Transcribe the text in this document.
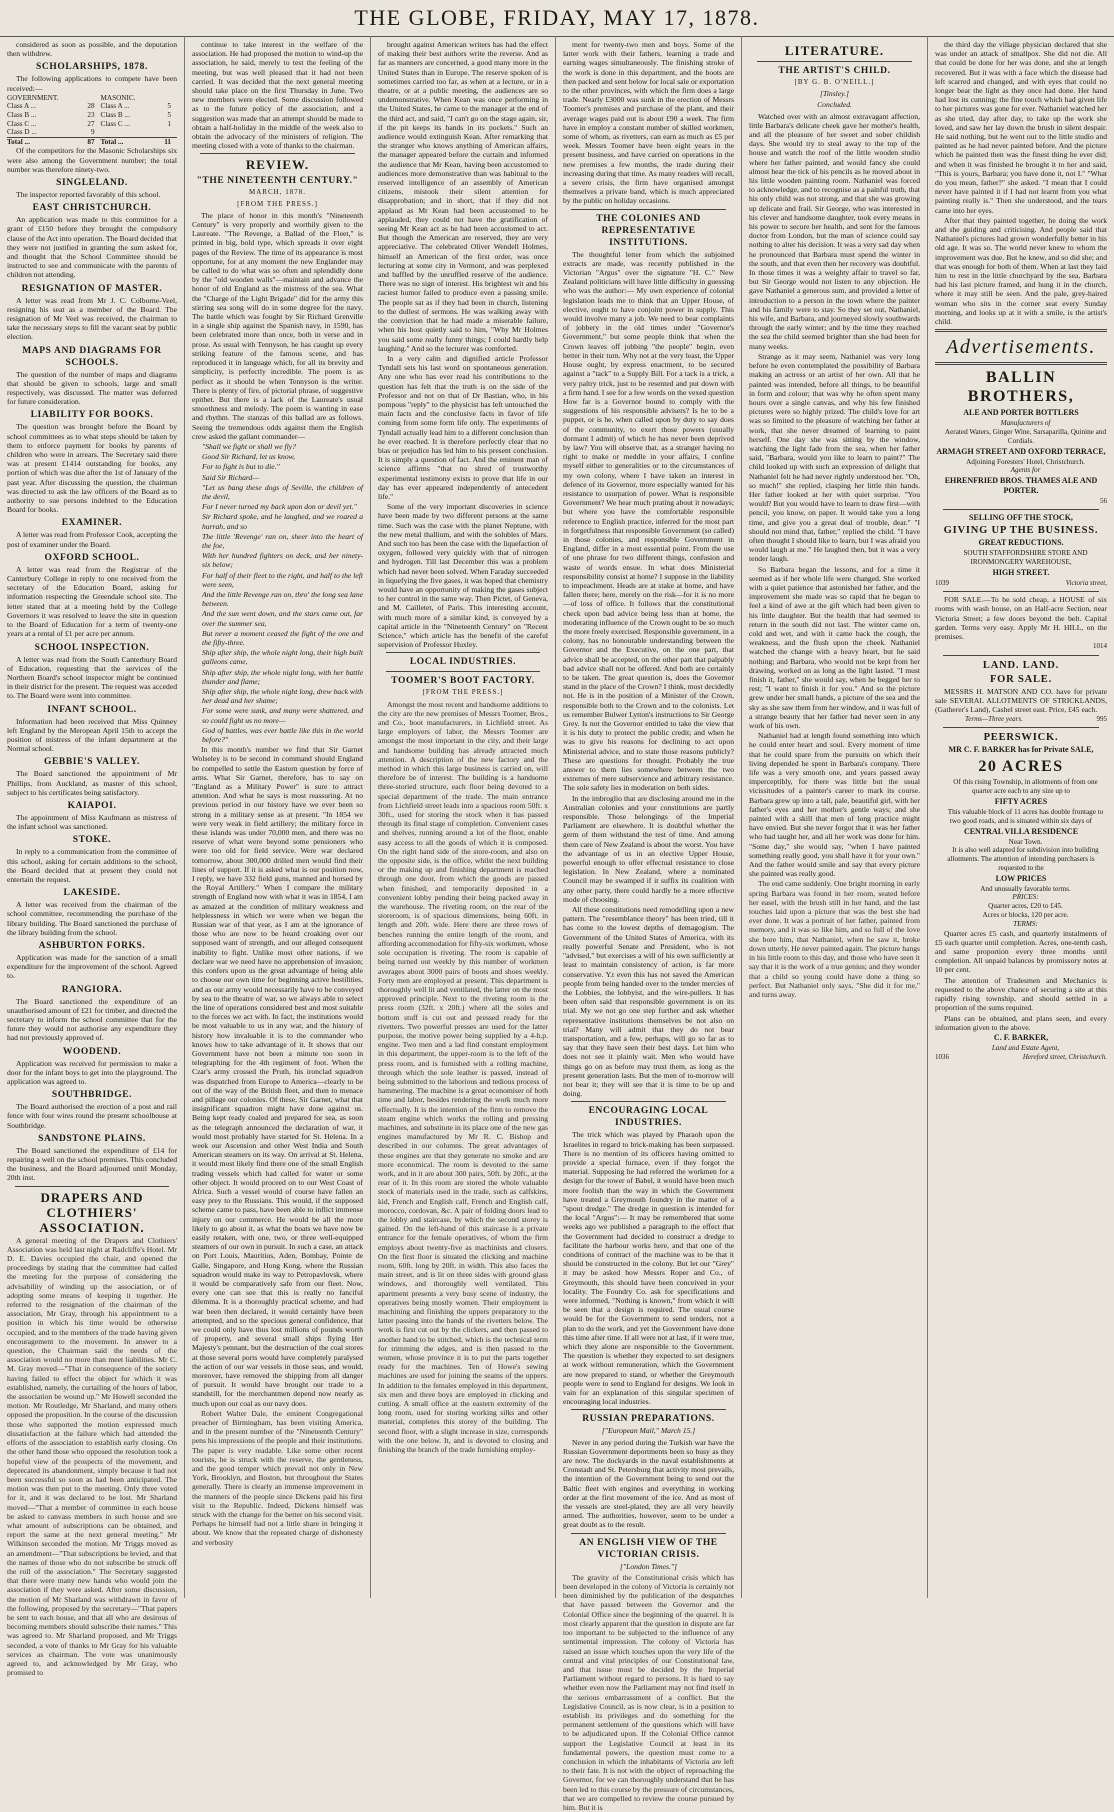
THE GLOBE, FRIDAY, MAY 17, 1878.

considered as soon as possible, and the deputation then withdrew.

SCHOLARSHIPS, 1878.

The following applications to compete have been received:—

GOVERNMENT.		MASONIC.	
Class A ...	28	Class A ...	5
Class B ...	23	Class B ...	5
Class C ...	27	Class C ...	1
Class D ...	9		
Total ...	87	Total ...	11

Of the competitors for the Masonic Scholarships six were also among the Government number; the total number was therefore ninety-two.

SINGLELAND.

The inspector reported favorably of this school.

EAST CHRISTCHURCH.

An application was made to this committee for a grant of £150 before they brought the compulsory clause of the Act into operation. The Board decided that they were not justified in granting the sum asked for, and thought that the School Committee should be instructed to see and communicate with the parents of children not attending.

RESIGNATION OF MASTER.

A letter was read from Mr J. C. Colborne-Veel, resigning his seat as a member of the Board. The resignation of Mr Veel was received, the chairman to take the necessary steps to fill the vacant seat by public election.

MAPS AND DIAGRAMS FOR SCHOOLS.

The question of the number of maps and diagrams that should be given to schools, large and small respectively, was discussed. The matter was deferred for future consideration.

LIABILITY FOR BOOKS.

The question was brought before the Board by school committees as to what steps should be taken by them to enforce payment for books by parents of children who were in arrears. The Secretary said there was at present £1414 outstanding for books, any portion of which was due after the 1st of January of the past year. After discussing the question, the chairman was directed to ask the law officers of the Board as to authority to sue persons indebted to the Education Board for books.

EXAMINER.

A letter was read from Professor Cook, accepting the post of examiner under the Board.

OXFORD SCHOOL.

A letter was read from the Registrar of the Canterbury College in reply to one received from the secretary of the Education Board, asking for information respecting the Greendale school site. The letter stated that at a meeting held by the College Governors it was resolved to leave the site in question to the Board of Education for a term of twenty-one years at a rental of £1 per acre per annum.

SCHOOL INSPECTION.

A letter was read from the South Canterbury Board of Education, requesting that the services of the Northern Board's school inspector might be continued in their district for the present. The request was acceded to. The Board were went into committee.

INFANT SCHOOL.

Information had been received that Miss Quinney left England by the Meropean April 15th to accept the position of mistress of the infant department at the Normal school.

GEBBIE'S VALLEY.

The Board sanctioned the appointment of Mr Phillips, from Auckland, as master of this school, subject to his certificates being satisfactory.

KAIAPOI.

The appointment of Miss Kaufmann as mistress of the infant school was sanctioned.

STOKE.

In reply to a communication from the committee of this school, asking for certain additions to the school, the Board decided that at present they could not entertain the request.

LAKESIDE.

A letter was received from the chairman of the school committee, recommending the purchase of the library building. The Board sanctioned the purchase of the library building from the school.

ASHBURTON FORKS.

Application was made for the sanction of a small expenditure for the improvement of the school. Agreed to.

RANGIORA.

The Board sanctioned the expenditure of an unauthorised amount of £21 for timber, and directed the secretary to inform the school committee that for the future they would not authorise any expenditure they had not previously approved of.

WOODEND.

Application was received for permission to make a door for the infant boys to get into the playground. The application was agreed to.

SOUTHBRIDGE.

The Board authorised the erection of a post and rail fence with four wires round the present schoolhouse at Southbridge.

SANDSTONE PLAINS.

The Board sanctioned the expenditure of £14 for repairing a well on the school premises. This concluded the business, and the Board adjourned until Monday, 20th inst.

DRAPERS AND CLOTHIERS' ASSOCIATION.

A general meeting of the Drapers and Clothiers' Association was held last night at Radcliffe's Hotel. Mr D. E. Davies occupied the chair, and opened the proceedings by stating that the committee had called the meeting for the purpose of considering the advisability of winding up the association, or of adopting some means of keeping it together. He referred to the resignation of the chairman of the association, Mr Gray, through his appointment to a position in which his time would be otherwise occupied, and to the members of the trade having given encouragement to the movement. In answer to a question, the Chairman said the needs of the association would no more than meet liabilities. Mr C. M. Gray moved—"That in consequence of the society having failed to effect the object for which it was established, namely, the curtailing of the hours of labor, the association be wound up." Mr Howell seconded the motion. Mr Routledge, Mr Sharland, and many others opposed the proposition. In the course of the discussion those who supported the motion expressed much dissatisfaction at the failure which had attended the efforts of the association to establish early closing. On the other hand those who opposed the resolution took a hopeful view of the prospects of the movement, and deprecated its abandonment, simply because it had not been successful so soon as had been anticipated. The motion was then put to the meeting. Only three voted for it, and it was declared to be lost. Mr Sharland moved—"That a member of committee in each house be asked to canvass members in such house and see what amount of subscriptions can be obtained, and report the same at the next general meeting." Mr Wilkinson seconded the motion. Mr Triggs moved as an amendment—"That subscriptions be levied, and that the names of those who do not subscribe be struck off the roll of the association." The Secretary suggested that there were many new hands who would join the association if they were asked. After some discussion, the motion of Mr Sharland was withdrawn in favor of the following, proposed by the secretary—"That papers be sent to each house, and that all who are desirous of becoming members should subscribe their names." This was agreed to. Mr Sharland proposed, and Mr Triggs seconded, a vote of thanks to Mr Gray for his valuable services as chairman. The vote was unanimously agreed to, and acknowledged by Mr Gray, who promised to

continue to take interest in the welfare of the association. He had proposed the motion to wind-up the association, he said, merely to test the feeling of the meeting, but was well pleased that it had not been carried. It was decided that the next general meeting should take place on the first Thursday in June. Two new members were elected. Some discussion followed as to the future policy of the association, and a suggestion was made that an attempt should be made to obtain a half-holiday in the middle of the week also to obtain the advocacy of the ministers of religion. The meeting closed with a vote of thanks to the chairman.

REVIEW.
"THE NINETEENTH CENTURY."
MARCH, 1878.
[FROM THE PRESS.]

The place of honor in this month's "Nineteenth Century" is very properly and worthily given to the Laureate. "The Revenge, a Ballad of the Fleet," is printed in big, bold type, which spreads it over eight pages of the Review. The time of its appearance is most opportune, for at any moment the new Englander may be called to do what was so often and splendidly done by the "old wooden walls"—maintain and advance the honor of old England as the mistress of the sea. What the "Charge of the Light Brigade" did for the army this stirring sea song will do in some degree for the navy. The battle which was fought by Sir Richard Grenville in a single ship against the Spanish navy, in 1590, has been celebrated more than once, both in verse and in prose. As usual with Tennyson, he has caught up every striking feature of the famous scene, and has reproduced it in language which, for all its brevity and simplicity, is perfectly incredible. The poem is as perfect as it should be when Tennyson is the writer. There is plenty of fire, of pictorial phrase, of suggestive epithet. But there is a lack of the Laureate's usual smoothness and melody. The poem is wanting in ease and rhythm. The stanzas of this ballad are as follows. Seeing the tremendous odds against them the English crew asked the gallant commander—

"Shall we fight or shall we fly?

Good Sir Richard, let us know,

For to fight is but to die."

Said Sir Richard—

"Let us bang these dogs of Seville, the children of the devil,

For I never turned my back upon don or devil yet."

Sir Richard spoke, and he laughed, and we roared a hurrah, and so

The little 'Revenge' ran on, sheer into the heart of the foe,

With her hundred fighters on deck, and her ninety-six below;

For half of their fleet to the right, and half to the left were seen,

And the little Revenge ran on, thro' the long sea lane between.

And the sun went down, and the stars came out, far over the summer sea,

But never a moment ceased the fight of the one and the fifty-three.

Ship after ship, the whole night long, their high built galleons came,

Ship after ship, the whole night long, with her battle thunder and flame;

Ship after ship, the whole night long, drew back with her dead and her shame;

For some were sunk, and many were shattered, and so could fight us no more—

God of battles, was ever battle like this in the world before?"

In this month's number we find that Sir Garnet Wolseley is to be second in command should England be compelled to settle the Eastern question by force of arms. What Sir Garnet, therefore, has to say on "England as a Military Power" is sure to attract attention. And what he says is most reassuring. At no previous period in our history have we ever been so strong in a military sense as at present. "In 1854 we were very weak in field artillery; the military force in these islands was under 70,000 men, and there was no reserve of what were beyond some pensioners who were too old for field service. Were war declared tomorrow, about 300,000 drilled men would find their lines of support. If it is asked what is our position now, I reply, we have 332 field guns, manned and horsed by the Royal Artillery." When I compare the military strength of England now with what it was in 1854, I am as amazed at the condition of military weakness and helplessness in which we were when we began the Russian war of that year, as I am at the ignorance of those who are now to be heard croaking over our supposed want of strength, and our alleged consequent inability to fight. Unlike most other nations, if we declare war we need have no apprehension of invasion; this confers upon us the great advantage of being able to choose our own time for beginning active hostilities, and as our army would necessarily have to be conveyed by sea to the theatre of war, so we always able to select the line of operations considered best and most suitable to the forces we act with. In fact, the institutions would be most valuable to us in any war, and the history of history how invaluable it is to the commander who knows how to take advantage of it. It shows that our Government have not been a minute too soon in telegraphing for the 4th regiment of foot. When the Czar's army crossed the Pruth, his ironclad squadron was dispatched from Europe to America—clearly to be out of the way of the British fleet, and then to menace and pillage our colonies. Of these, Sir Garnet, what that insignificant squadron might have done against us. Being kept ready coaled and prepared for sea, as soon as the telegraph announced the declaration of war, it would most probably have started for St. Helena. In a week our Ascension and other West India and South American steamers on its way. On arrival at St. Helena, it would most likely find there one of the small English trading vessels which had called for water or some other object. It would proceed on to our West Coast of Africa. Such a vessel would of course have fallen an easy prey to the Russians. This would, if the supposed scheme came to pass, have been able to inflict immense injury on our commerce. He would be all the more likely to go about it, as what the boats we have now be easily retaken, with one, two, or three well-equipped steamers of our own in pursuit. In such a case, an attack on Port Louis, Mauritius, Aden, Bombay, Pointe de Galle, Singapore, and Hong Kong, where the Russian squadron would make its way to Petropavlovsk, where it would be comparatively safe from our fleet. Now, every one can see that this is really no fanciful dilemma. It is a thoroughly practical scheme, and had war been then declared, it would certainly have been attempted, and so the specious general confidence, that we could only have thus lost millions of pounds worth of property, and several small ships flying Her Majesty's pennant, but the destruction of the coal stores at those several ports would have completely paralysed the action of our war vessels in those seas, and would, moreover, have removed the shipping from all danger of pursuit. It would have brought our trade to a standstill, for the merchantmen depend now nearly as much upon our coal as our navy does.

Robert Walter Dale, the eminent Congregational preacher of Birmingham, has been visiting America, and in the present number of the "Nineteenth Century" pens his impressions of the people and their institutions. The paper is very readable. Like some other recent tourists, he is struck with the reserve, the gentleness, and the good temper which prevail not only in New York, Brooklyn, and Boston, but throughout the States generally. There is clearly an immense improvement in the manners of the people since Dickens paid his first visit to the Republic. Indeed, Dickens himself was struck with the change for the better on his second visit. Perhaps he himself had not a little share in bringing it about. We know that the repeated charge of dishonesty and verbosity

brought against American writers has had the effect of making their best authors write the reverse. And as far as manners are concerned, a good many more in the United States than in Europe. The reserve spoken of is sometimes carried too far, as when at a lecture, or in a theatre, or at a public meeting, the audiences are so undemonstrative. When Kean was once performing in the United States, he came to the manager at the end of the third act, and said, "I can't go on the stage again, sir, if the pit keeps its hands in its pockets." Such an audience would extinguish Kean. After remarking that the stranger who knows anything of American affairs, the manager appeared before the curtain and informed the audience that Mr Kean, having been accustomed to audiences more demonstrative than was habitual to the reserved intelligence of an assembly of American citizens, mistook their silent attention for disapprobation; and in short, that if they did not applaud as Mr Kean had been accustomed to be applauded, they could not have the gratification of seeing Mr Kean act as he had been accustomed to act. But though the American are reserved, they are very appreciative. The celebrated Oliver Wendell Holmes, himself an American of the first order, was once lecturing at some city in Vermont, and was perplexed and baffled by the unruffled reserve of the audience. There was no sign of interest. His brightest wit and his raciest humor failed to produce even a passing smile. The people sat as if they had been in church, listening to the dullest of sermons. He was walking away with the conviction that he had made a miserable failure, when his host quietly said to him, "Why Mr Holmes you said some really funny things; I could hardly help laughing." And so the lecturer was comforted.

In a very calm and dignified article Professor Tyndall sets his last word on spontaneous generation. Any one who has ever read his contributions to the question has felt that the truth is on the side of the Professor and not on that of Dr Bastian, who, in his pompous "reply" to the physicist has left untouched the main facts and the conclusive facts in favor of life coming from some form life only. The experiments of Tyndall actually lead him to a different conclusion than he ever reached. It is therefore perfectly clear that no bias or prejudice has led him to his present conclusion. It is simply a question of fact. And the eminent man of science affirms "that no shred of trustworthy experimental testimony exists to prove that life in our day has ever appeared independently of antecedent life."

Some of the very important discoveries in science have been made by two different persons at the same time. Such was the case with the planet Neptune, with the new metal thallium, and with the solubles of Mars. And such too has been the case with the liquefaction of oxygen, followed very quickly with that of nitrogen and hydrogen. Till last December this was a problem which had never been solved. When Faraday succeeded in liquefying the five gases, it was hoped that chemistry would have an opportunity of making the gases subject to her control in the same way. Then Pictet, of Geneva, and M. Cailletet, of Paris. This interesting account, with much more of a similar kind, is conveyed by a capital article in the "Nineteenth Century" on "Recent Science," which article has the benefit of the careful supervision of Professor Huxley.

LOCAL INDUSTRIES.
TOOMER'S BOOT FACTORY.
[FROM THE PRESS.]

Amongst the most recent and handsome additions to the city are the new premises of Messrs Toomer, Bros., and Co., boot manufacturers, in Lichfield street. As large employers of labor, the Messrs Toomer are amongst the most important in the city, and their large and handsome building has already attracted much attention. A description of the new factory and the method in which this large business is carried on, will therefore be of interest. The building is a handsome three-storied structure, each floor being devoted to a special department of the trade. The main entrance from Lichfield street leads into a spacious room 50ft. x 30ft., used for storing the stock when it has passed through its final stage of completion. Convenient cases and shelves, running around a lot of the floor, enable easy access to all the goods of which it is composed. On the right hand side of the store-room, and also on the opposite side, is the office, whilst the next building or the making up and finishing department is reached through one door, from which the goods are passed when finished, and temporarily deposited in a convenient lobby pending their being packed away in the warehouse. The riveting room, on the rear of the storeroom, is of spacious dimensions, being 60ft. in length and 20ft. wide. Here there are three rows of benches running the entire length of the room, and affording accommodation for fifty-six workmen, whose sole occupation is riveting. The room is capable of being turned out weekly by this number of workmen averages about 3000 pairs of boots and shoes weekly. Forty men are employed at present. This department is thoroughly well lit and ventilated, the latter on the most approved principle. Next to the riveting room is the press room (32ft. x 20ft.) where all the soles and bottom stuff is cut out and pressed ready for the rivetters. Two powerful presses are used for the latter purpose, the motive power being supplied by a 4-h.p. engine. Two men and a lad find constant employment in this department, the upper-room is to the left of the press room, and is furnished with a rolling machine, through which the sole leather is passed, instead of being submitted to the laborious and tedious process of hammering. The machine is a great economiser of both time and labor, besides rendering the work much more effectually. It is the intention of the firm to remove the steam engine which works the rolling and pressing machines, and substitute in its place one of the new gas engines manufactured by Mr R. C. Bishop and described in our columns. The great advantages of these engines are that they generate no smoke and are more economical. The room is devoted to the same work, and in it are about 300 pairs, 50ft. by 20ft., at the rear of it. In this room are stored the whole valuable stock of materials used in the trade, such as calfskins, kid, French and English calf, French and English calf, morocco, cordovan, &c. A pair of folding doors lead to the lobby and staircase, by which the second storey is gained. On the left-hand of this staircase is a private entrance for the female operatives, of whom the firm employs about twenty-five as machinists and closers. On the first floor is situated the clicking and machine room, 60ft. long by 20ft. in width. This also faces the main street, and is lit on three sides with ground glass windows, and thoroughly well ventilated. This apartment presents a very busy scene of industry, the operatives being mostly women. Their employment is machining and finishing the uppers preparatory to the latter passing into the hands of the rivetters below. The work is first cut out by the clickers, and then passed to another hand to be stitched, which is the technical term for trimming the edges, and is then passed to the women, whose province it is to put the parts together ready for the machines. Ten of Howe's sewing machines are used for joining the seams of the uppers. In addition to the females employed in this department, six men and three boys are employed in clicking and cutting. A small office at the eastern extremity of the long room, used for storing working silks and other material, completes this storey of the building. The second floor, with a slight increase in size, corresponds with the one below. It, and is devoted to closing and finishing the branch of the trade furnishing employ-

ment for twenty-two men and boys. Some of the latter work with their fathers, learning a trade and earning wages simultaneously. The finishing stroke of the work is done in this department, and the boots are then packed and sent below for local sale or exportation to the other provinces, with which the firm does a large trade. Nearly £3000 was sunk in the erection of Messrs Toomer's premises and purchase of the plant, and their average wages paid out is about £90 a week. The firm have in employ a constant number of skilled workmen, some of whom, as rivetters, can earn as much as £5 per week. Messrs Toomer have been eight years in the present business, and have carried on operations in the new premises a few months, the trade during their increasing during that time. As many readers will recall, a severe crisis, the firm have organised amongst themselves a private band, which is much appreciated by the public on holiday occasions.

THE COLONIES AND REPRESENTATIVE INSTITUTIONS.

The thoughtful letter from which the subjoined extracts are made, was recently published in the Victorian "Argus" over the signature "H. C." New Zealand politicians will have little difficulty in guessing who was the author:— My own experience of colonial legislation leads me to think that an Upper House, of elective, ought to have conjoint power in supply. This would involve many a job. We need to bear complaints of jobbery in the old times under "Governor's Government," but some people think that when the Crown leaves off jobbing "the people" begin, even better in their turn. Why not at the very least, the Upper House ought, by express enactment, to be secured against a "tack" to a Supply Bill. For a tack is a trick, a very paltry trick, just to be resented and put down with a firm hand. I see for a few words on the vexed question How far is a Governor bound to comply with the suggestions of his responsible advisers? Is he to be a puppet, or is he, when called upon by duty to say does of the community, to exert those powers (usually dormant I admit) of which he has never been deprived by law? You will observe that, as a stranger having no right to make or meddle in your affairs, I confine myself either to generalities or to the circumstances of my own colony, where I have taken an interest in defence of its Governor, more especially wanted for his resistance to usurpation of power. What is responsible Government? We hear much prating about it nowadays; but where you have the comfortable responsible reference to English practice, inferred for the most part in forgetfulness that responsible Government (so called) in those colonies, and responsible Government in England, differ in a most essential point. From the use of one phrase for two different things, confusion and waste of words ensue. In what does Ministerial responsibility consist at home? I suppose in the liability to impeachment. Heads are at stake at home, and have fallen there; here, merely on the risk—for it is no more—of loss of office. It follows that the constitutional check upon bad advice being less than at home, the moderating influence of the Crown ought to be so much the more freely exercised. Responsible government, in a colony, has no honourable understanding between the Governor and the Executive, on the one part, that advice shall be accepted, on the other part that palpably bad advice shall not be offered. And both are certainly to be taken. The great question is, does the Governor stand in the place of the Crown? I think, most decidedly not. He is in the position of a Minister of the Crown, responsible both to the Crown and to the colonists. Let us remember Bulwer Lytton's instructions to Sir George Grey. Is not the Governor entitled to take the view that it is his duty to protect the public credit; and when he was to give his reasons for declining to act upon Ministerial advice, and to state those reasons publicly? These are questions for thought. Probably the true answer to them lies somewhere between the two extremes of mere subservience and arbitrary resistance. The sole safety lies in moderation on both sides.

In the imbroglio that are disclosing around me in the Australian colonies and your constitutions are partly responsible. Those belongings of the Imperial Parliament are elsewhere. It is doubtful whether the germ of them withstand the test of time. And among them care of New Zealand is about the worst. You have the advantage of us in an elective Upper House, powerful enough to offer effectual resistance to close legislation. In New Zealand, where a nominated Council may be swamped if it suffix its coalition with any other party, there could hardly be a more effective mode of choosing.

All these constitutions need remodelling upon a new pattern. The "resemblance theory" has been tried, till it has come to the lowest depths of demagogism. The Government of the United States of America, with its really powerful Senate and President, who is not "advised," but exercises a will of his own sufficiently at least to maintain consistency of action, is far more conservative. Y.t even this has not saved the American people from being handed over to the tender mercies of the Lobbies, the lobbyist, and the wire-pullers. It has been often said that responsible government is on its trial. My we not go one step further and ask whether representative institutions themselves be not also on trial? Many will admit that they do not bear transportation, and a few, perhaps, will go so far as to say that they have seen their best days. Let him who does not see it plainly wait. Men who would have things go on as before may trust them, as long as the present generation lasts. But the men of to-morrow will not bear it; they will see that it is time to be up and doing.

ENCOURAGING LOCAL INDUSTRIES.

The trick which was played by Pharaoh upon the Israelites in regard to brick-making has been surpassed. There is no mention of its officers having omitted to provide a special furnace, even if they forgot the material. Supposing he had referred the workmen for a design for the tower of Babel, it would have been much more foolish than the way in which the Government have treated a Greymouth foundry in the matter of a "spout dredge." The dredge in question is intended for the local "Argus":— It may be remembered that some weeks ago we published a paragraph to the effect that the Government had decided to construct a dredge to facilitate the harbour works here, and that one of the conditions of contract of the machine was to be that it should be constructed in the colony. But let our "Grey" it may be asked how Messrs Roper and Co., of Greymouth, this should have been conceived in your locality. The Foundry Co. ask for specifications and were informed, "Nothing is known," from which it will be seen that a design is required. The usual course would be for the Government to send tenders, not a plan to do the work, and yet the Government have done this time after time. If all were not at last, if it were true, which they alone are responsible to the Government. The question is whether they expected to set designers at work without remuneration, which the Government are now prepared to stand, or whether the Greymouth people were to send to England for designs. We look in vain for an explanation of this singular specimen of encouraging local industries.

RUSSIAN PREPARATIONS.
["European Mail," March 15.]

Never in any period during the Turkish war have the Russian Government deportments been so busy as they are now. The dockyards in the naval establishments at Cronstadt and St. Petersburg that activity most prevails, the intention of the Government being to send out the Baltic fleet with engines and everything in working order at the first movement of the ice. And as most of the vessels are steel-plated, they are all very heavily armed. The authorities, however, seem to be under a great doubt as to the result.

AN ENGLISH VIEW OF THE VICTORIAN CRISIS.
["London Times."]

The gravity of the Constitutional crisis which has been developed in the colony of Victoria is certainly not been diminished by the publication of the despatches that have passed between the Governor and the Colonial Office since the beginning of the quarrel. It is most clearly apparent that the question in dispute are far too important to be subjected to the influence of any sentimental impression. The colony of Victoria has raised an issue which touches upon the very life of the central and vital principles of our Constitutional law, and that issue must be decided by the Imperial Parliament without regard to persons. It is hard to say whether even now the Parliament may not find itself in the serious embarrassment of a conflict. But the Legislative Council, as is now clear, is in a position to establish its privileges and do something for the permanent settlement of the questions which will have to be adjudicated upon. If the Colonial Office cannot support the Legislative Council at least in its fundamental powers, the question must come to a conclusion in which the inhabitants of Victoria are left to their fate. It is not with the object of reproaching the Governor, for we can thoroughly understand that he has been led to this course by the pressure of circumstances, that we are compelled to review the course pursued by him. But it is

LITERATURE.
THE ARTIST'S CHILD.
[BY G. B. O'NEILL.]
[Tinsley.]
Concluded.

Watched over with an almost extravagant affection, little Barbara's delicate cheek gave her mother's health, and all the pleasure of her sweet and sober childish days. She would try to steal away to the top of the house and watch the roof of the little wooden studio where her father painted, and would fancy she could almost hear the tick of his pencils as he moved about in his little wooden painting room. Nathaniel was forced to acknowledge, and to recognise as a painful truth, that his only child was not strong, and that she was growing up delicate and frail. Sir George, who was interested in his clever and handsome daughter, took every means in his power to secure her health, and sent for the famous doctor from London, but the man of science could say nothing to alter his decision. It was a very sad day when he pronounced that Barbara must spend the winter in the south, and that even then her recovery was doubtful. In those times it was a weighty affair to travel so far, but Sir George would not listen to any objection. He gave Nathaniel a generous sum, and provided a letter of introduction to a person in the town where the painter and his family were to stay. So they set out, Nathaniel, his wife, and Barbara, and journeyed slowly southwards through the early winter; and by the time they reached the sea the child seemed brighter than she had been for many weeks.

Strange as it may seem, Nathaniel was very long before he even contemplated the possibility of Barbara making an actress or an artist of her own. All that he painted was intended, before all things, to be beautiful in form and colour; that was why he often spent many hours over a single canvas, and why his few finished pictures were so highly prized. The child's love for art was so limited to the pleasure of watching her father at work, that she never dreamed of learning to paint herself. One day she was sitting by the window, watching the light fade from the sea, when her father said, "Barbara, would you like to learn to paint?" The child looked up with such an expression of delight that Nathaniel felt he had never rightly understood her. "Oh, so much!" she replied, clasping her little thin hands. Her father looked at her with quiet surprise. "You would? But you would have to learn to draw first—with pencil, you know, on paper. It would take you a long time, and give you a great deal of trouble, dear." "I should not mind that, father," replied the child. "I have often thought I should like to learn, but I was afraid you would laugh at me." He laughed then, but it was a very tender laugh.

So Barbara began the lessons, and for a time it seemed as if her whole life were changed. She worked with a quiet patience that astonished her father, and the improvement she made was so rapid that he began to feel a kind of awe at the gift which had been given to his little daughter. But the health that had seemed to return in the south did not last. The winter came on, cold and wet, and with it came back the cough, the weakness, and the flush upon the cheek. Nathaniel watched the change with a heavy heart, but he said nothing; and Barbara, who would not be kept from her drawing, worked on as long as the light lasted. "I must finish it, father," she would say, when he begged her to rest; "I want to finish it for you." And so the picture grew under her small hands, a picture of the sea and the sky as she saw them from her window, and it was full of a strange beauty that her father had never seen in any work of his own.

Nathaniel had at length found something into which he could enter heart and soul. Every moment of time that he could spare from the pursuits on which their living depended he spent in Barbara's company. There life was a very smooth one, and years passed away imperceptibly, for there was little but the usual vicissitudes of a painter's career to mark its course. Barbara grew up into a tall, pale, beautiful girl, with her father's eyes and her mother's gentle ways; and she painted with a skill that men of long practice might have envied. But she never forgot that it was her father who had taught her, and all her work was done for him. "Some day," she would say, "when I have painted something really good, you shall have it for your own." And the father would smile and say that every picture she painted was really good.

The end came suddenly. One bright morning in early spring Barbara was found in her room, seated before her easel, with the brush still in her hand, and the last touches laid upon a picture that was the best she had ever done. It was a portrait of her father, painted from memory, and it was so like him, and so full of the love she bore him, that Nathaniel, when he saw it, broke down utterly. He never painted again. The picture hangs in his little room to this day, and those who have seen it say that it is the work of a true genius; and they wonder that a child so young could have done a thing so perfect. But Nathaniel only says, "She did it for me," and turns away.

the third day the village physician declared that she was under an attack of smallpox. She did not die. All that could be done for her was done, and she at length recovered. But it was with a face which the disease had left scarred and changed, and with eyes that could no longer bear the light as they once had done. Her hand had lost its cunning; the fine touch which had given life to her pictures was gone for ever. Nathaniel watched her as she tried, day after day, to take up the work she loved, and saw her lay down the brush in silent despair. He said nothing, but he went out to the little studio and painted as he had never painted before. And the picture which he painted then was the finest thing he ever did; and when it was finished he brought it to her and said, "This is yours, Barbara; you have done it, not I." "What do you mean, father?" she asked. "I mean that I could never have painted it if I had not learnt from you what painting really is." Then she understood, and the tears came into her eyes.

After that they painted together, he doing the work and she guiding and criticising. And people said that Nathaniel's pictures had grown wonderfully better in his old age. It was so. The world never knew to whom the improvement was due. But he knew, and so did she; and that was enough for both of them. When at last they laid him to rest in the little churchyard by the sea, Barbara had his last picture framed, and hung it in the church, where it may still be seen. And the pale, grey-haired woman who sits in the corner seat every Sunday morning, and looks up at it with a smile, is the artist's child.

Advertisements.
BALLIN BROTHERS,
ALE AND PORTER BOTTLERS

Manufacturers of

Aerated Waters, Ginger Wine, Sarsaparilla, Quinine and Cordials.

ARMAGH STREET AND OXFORD TERRACE,

Adjoining Foresters' Hotel, Christchurch.

Agents for

EHRENFRIED BROS. THAMES ALE AND PORTER.
56
SELLING OFF THE STOCK,
GIVING UP THE BUSINESS.
GREAT REDUCTIONS.

SOUTH STAFFORDSHIRE STORE AND IRONMONGERY WAREHOUSE,

HIGH STREET.
1039	Victoria street,

FOR SALE.—To be sold cheap, a HOUSE of six rooms with wash house, on an Half-acre Section, near Victoria Street; a few doors beyond the belt. Capital garden. Terms very easy. Apply Mr H. HILL, on the premises.

1014
LAND. LAND.
FOR SALE.

MESSRS H. MATSON AND CO. have for private sale SEVERAL ALLOTMENTS OF STRICKLANDS, (Gatherer's Land), Cashel street east. Price, £45 each.

Terms—Three years.	995
PEERSWICK.
MR C. F. BARKER has for Private SALE,
20 ACRES

Of this rising Township, in allotments of from one quarter acre each to any size up to

FIFTY ACRES

This valuable block of 11 acres has double frontage to two good roads, and is situated within six days of

CENTRAL VILLA RESIDENCE

Near Town.

It is also well adapted for subdivision into building allotments. The attention of intending purchasers is requested to the

LOW PRICES

And unusually favorable terms.

PRICES:

Quarter acres, £20 to £45.

Acres or blocks, 120 per acre.

TERMS:

Quarter acres £5 cash, and quarterly instalments of £5 each quarter until completion. Acres, one-tenth cash, and same proportion every three months until completion. All unpaid balances by promissory notes at 10 per cent.

The attention of Tradesmen and Mechanics is requested to the above chance of securing a site at this rapidly rising township, and should settled in a proportion of the sums required.

Plans can be obtained, and plans seen, and every information given to the above.

C. F. BARKER,

Land and Estate Agent,

1036	Hereford street, Christchurch.
